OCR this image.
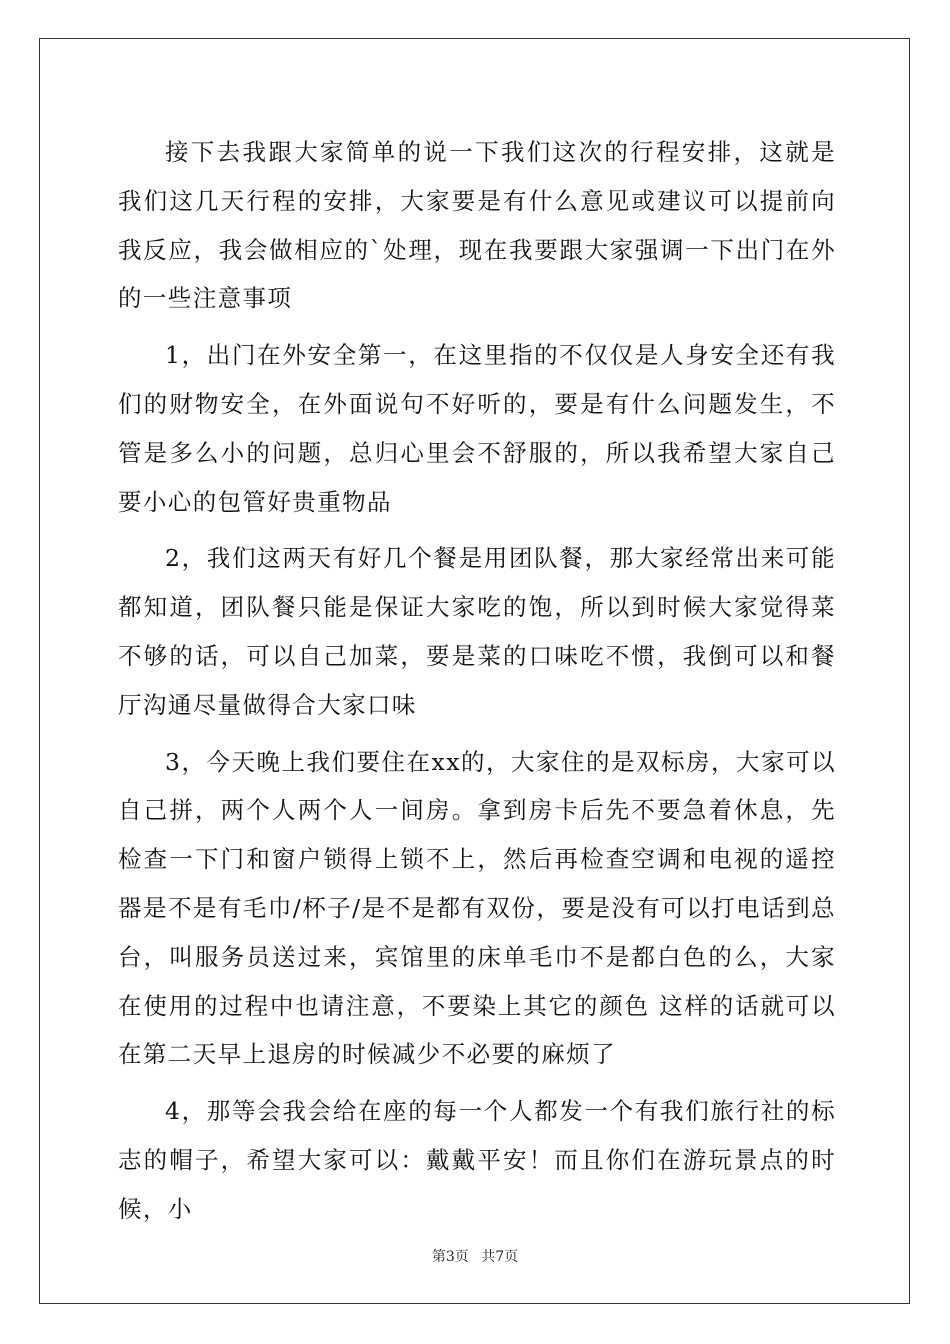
接下去我跟大家简单的说一下我们这次的行程安排，这就是我们这几天行程的安排，大家要是有什么意见或建议可以提前向我反应，我会做相应的`处理，现在我要跟大家强调一下出门在外的一些注意事项

1，出门在外安全第一，在这里指的不仅仅是人身安全还有我们的财物安全，在外面说句不好听的，要是有什么问题发生，不管是多么小的问题，总归心里会不舒服的，所以我希望大家自己要小心的包管好贵重物品

2，我们这两天有好几个餐是用团队餐，那大家经常出来可能都知道，团队餐只能是保证大家吃的饱，所以到时候大家觉得菜不够的话，可以自己加菜，要是菜的口味吃不惯，我倒可以和餐厅沟通尽量做得合大家口味

3，今天晚上我们要住在xx的，大家住的是双标房，大家可以自己拼，两个人两个人一间房。拿到房卡后先不要急着休息，先检查一下门和窗户锁得上锁不上，然后再检查空调和电视的遥控器是不是有毛巾/杯子/是不是都有双份，要是没有可以打电话到总台，叫服务员送过来，宾馆里的床单毛巾不是都白色的么，大家在使用的过程中也请注意，不要染上其它的颜色 这样的话就可以在第二天早上退房的时候减少不必要的麻烦了

4，那等会我会给在座的每一个人都发一个有我们旅行社的标志的帽子，希望大家可以：戴戴平安！而且你们在游玩景点的时候，小

第3页 共7页
